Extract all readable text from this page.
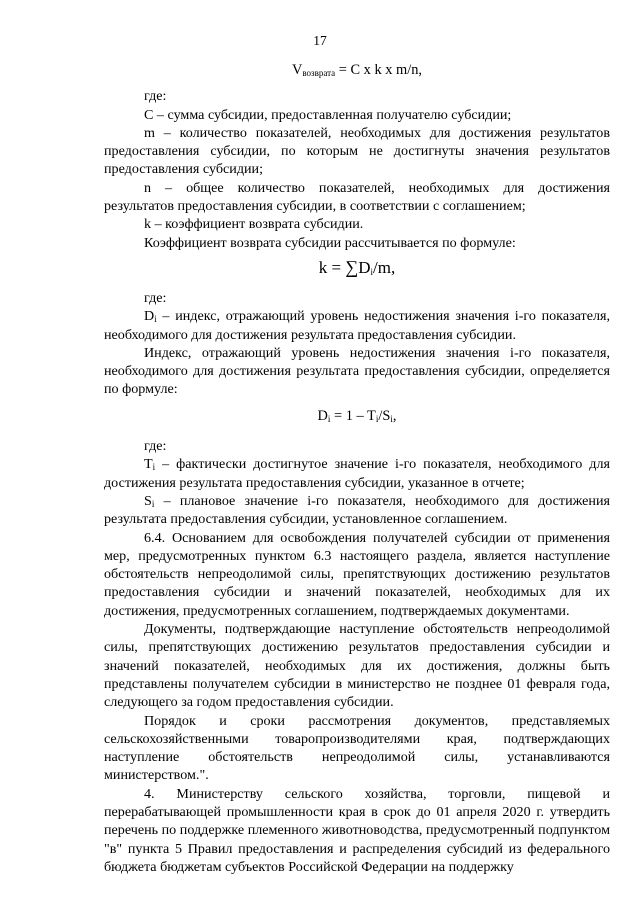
17

$V_{возврата} = C$ x k x m/n,

где:

С – сумма субсидии, предоставленная получателю субсидии;

m – количество показателей, необходимых для достижения результатов предоставления субсидии, по которым не достигнуты значения результатов предоставления субсидии;

n – общее количество показателей, необходимых для достижения результатов предоставления субсидии, в соответствии с соглашением;

k – коэффициент возврата субсидии.

Коэффициент возврата субсидии рассчитывается по формуле:

$k = \sum D_i/m$,

где:

$D_i$ – индекс, отражающий уровень недостижения значения i-го показателя, необходимого для достижения результата предоставления субсидии.

Индекс, отражающий уровень недостижения значения i-го показателя, необходимого для достижения результата предоставления субсидии, определяется по формуле:

$D_i = 1 - T_i/S_i$,

где:

$T_i$ – фактически достигнутое значение i-го показателя, необходимого для достижения результата предоставления субсидии, указанное в отчете;

$S_i$ – плановое значение i-го показателя, необходимого для достижения результата предоставления субсидии, установленное соглашением.

6.4. Основанием для освобождения получателей субсидии от применения мер, предусмотренных пунктом 6.3 настоящего раздела, является наступление обстоятельств непреодолимой силы, препятствующих достижению результатов предоставления субсидии и значений показателей, необходимых для их достижения, предусмотренных соглашением, подтверждаемых документами.

Документы, подтверждающие наступление обстоятельств непреодолимой силы, препятствующих достижению результатов предоставления субсидии и значений показателей, необходимых для их достижения, должны быть представлены получателем субсидии в министерство не позднее 01 февраля года, следующего за годом предоставления субсидии.

Порядок и сроки рассмотрения документов, представляемых сельскохозяйственными товаропроизводителями края, подтверждающих наступление обстоятельств непреодолимой силы, устанавливаются министерством.".

4. Министерству сельского хозяйства, торговли, пищевой и перерабатывающей промышленности края в срок до 01 апреля 2020 г. утвердить перечень по поддержке племенного животноводства, предусмотренный подпунктом "в" пункта 5 Правил предоставления и распределения субсидий из федерального бюджета бюджетам субъектов Российской Федерации на поддержку
